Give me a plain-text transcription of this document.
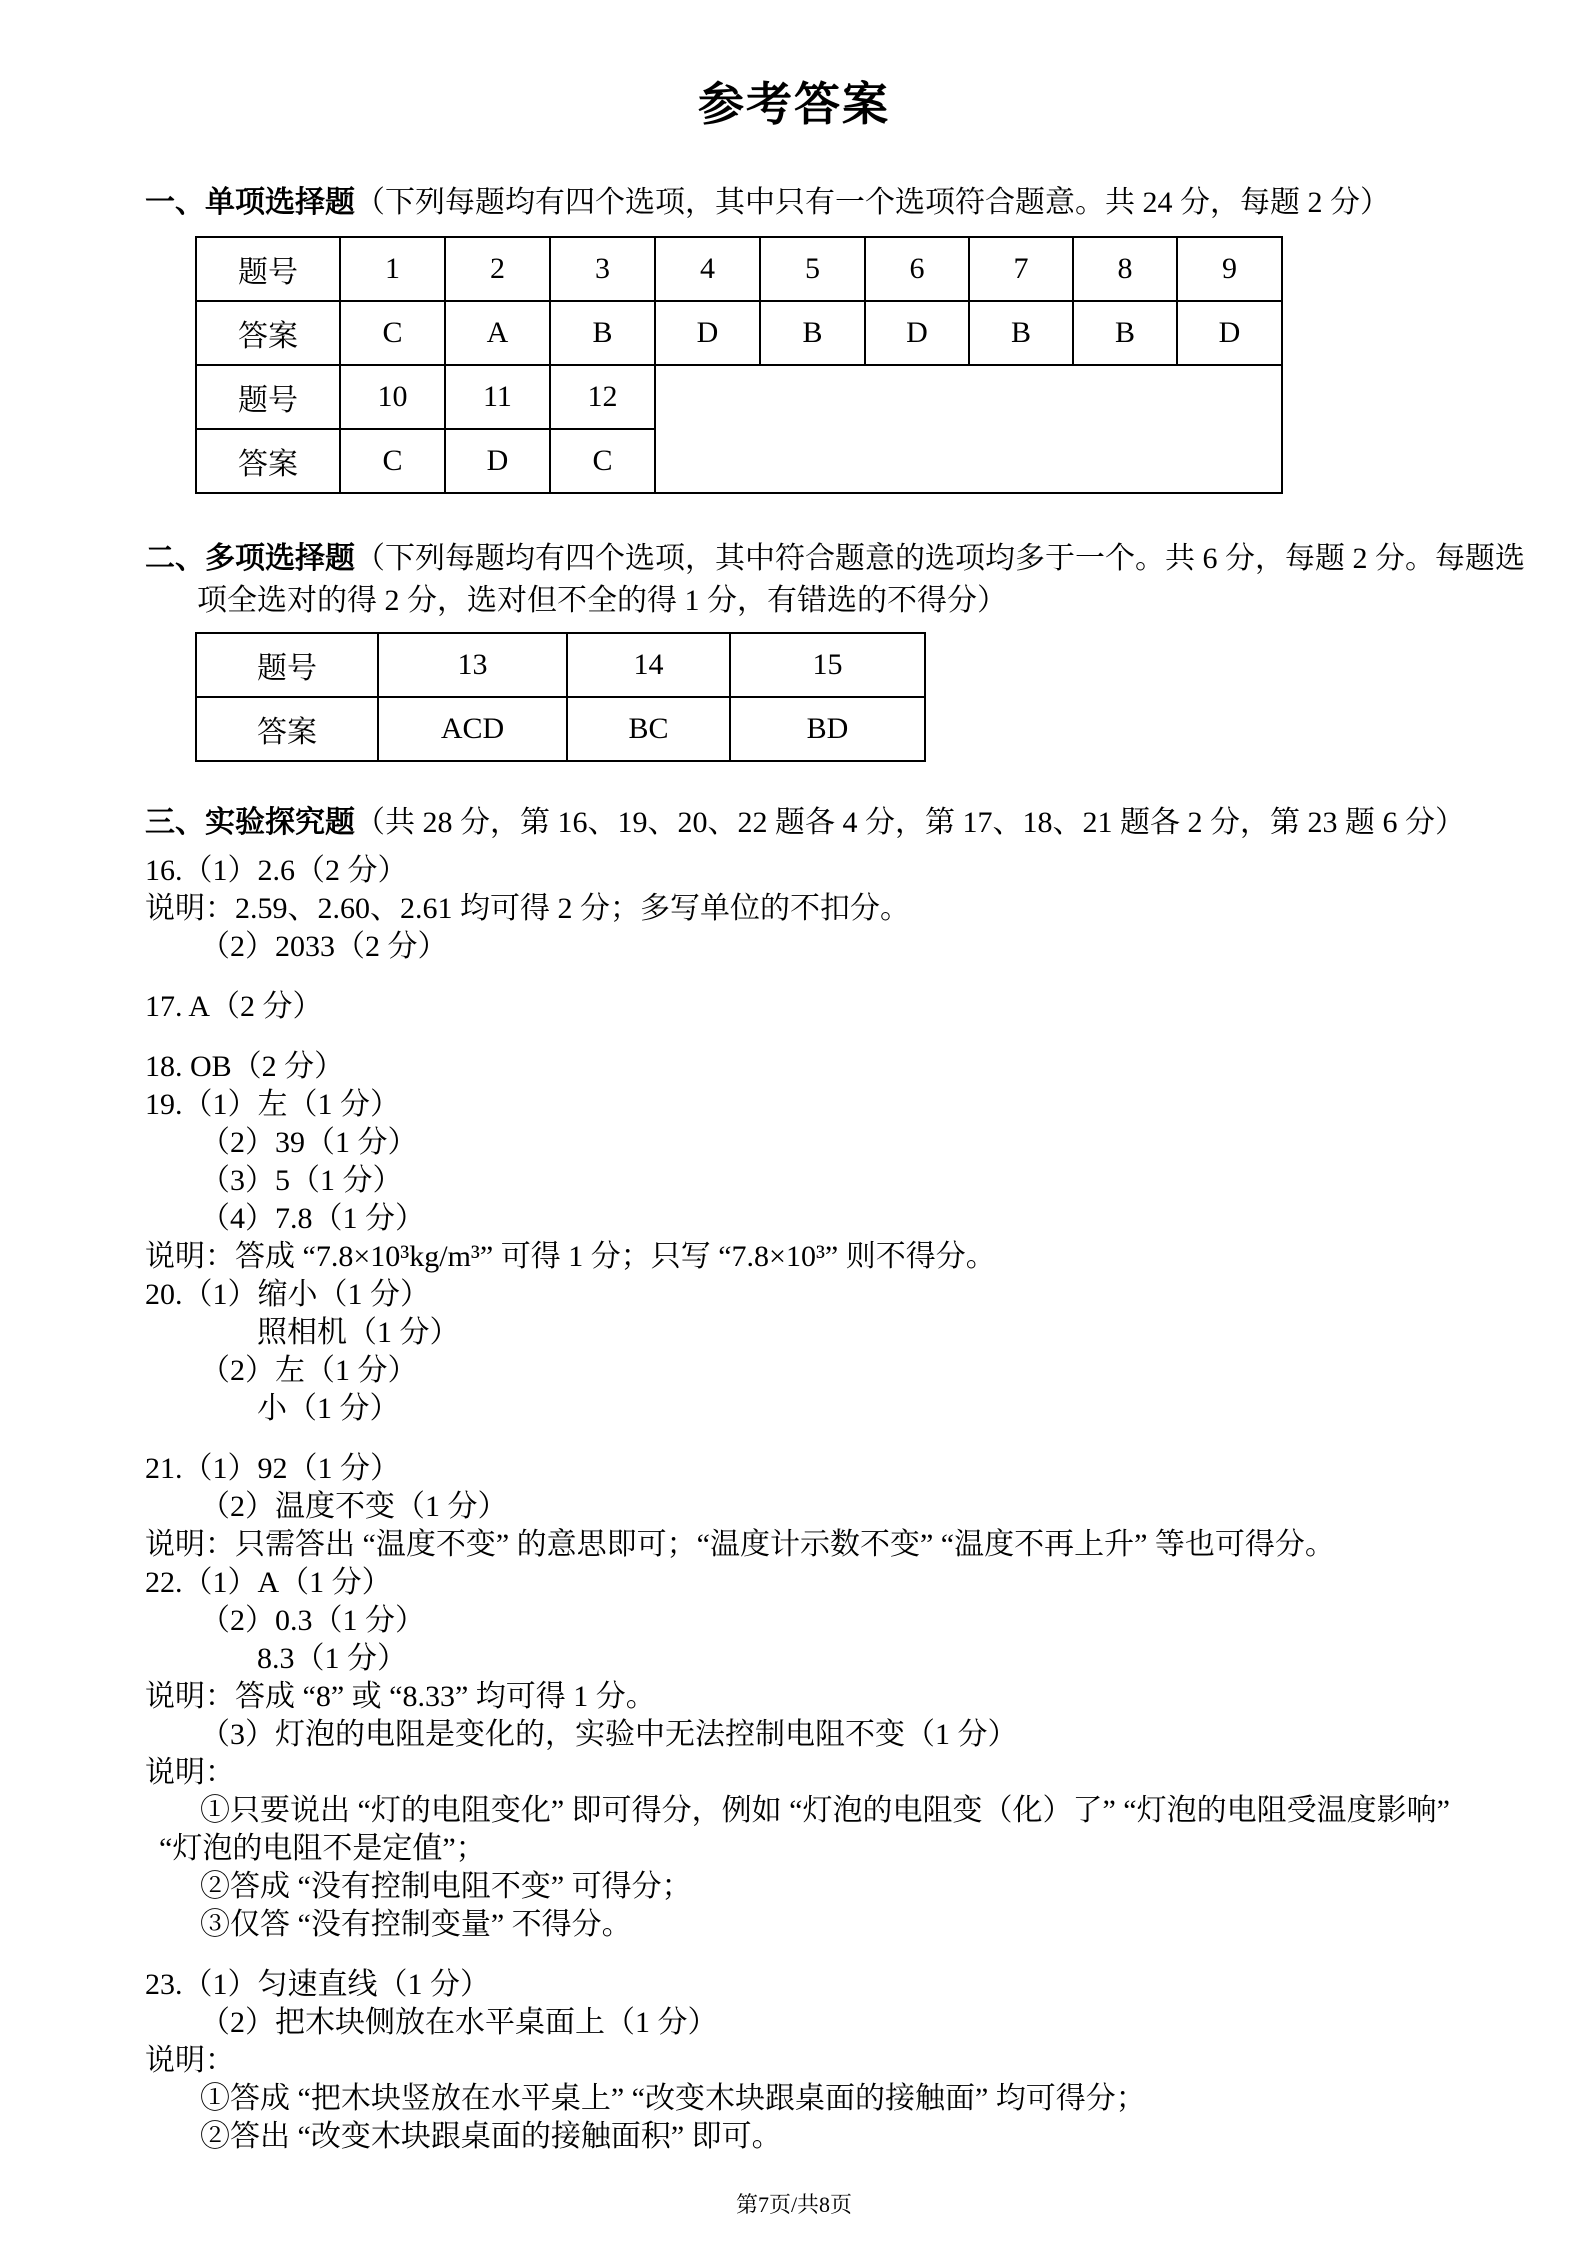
参考答案
一、单项选择题（下列每题均有四个选项，其中只有一个选项符合题意。共 24 分，每题 2 分）
题号	1	2	3	4	5	6	7	8	9
答案	C	A	B	D	B	D	B	B	D
题号	10	11	12						
答案	C	D	C						
二、多项选择题（下列每题均有四个选项，其中符合题意的选项均多于一个。共 6 分，每题 2 分。每题选
项全选对的得 2 分，选对但不全的得 1 分，有错选的不得分）
题号	13	14	15
答案	ACD	BC	BD
三、实验探究题（共 28 分，第 16、19、20、22 题各 4 分，第 17、18、21 题各 2 分，第 23 题 6 分）
16.（1）2.6（2 分）
说明：2.59、2.60、2.61 均可得 2 分；多写单位的不扣分。
（2）2033（2 分）
17. A（2 分）
18. OB（2 分）
19.（1）左（1 分）
（2）39（1 分）
（3）5（1 分）
（4）7.8（1 分）
说明：答成 “7.8×10³kg/m³” 可得 1 分；只写 “7.8×10³” 则不得分。
20.（1）缩小（1 分）
照相机（1 分）
（2）左（1 分）
小（1 分）
21.（1）92（1 分）
（2）温度不变（1 分）
说明：只需答出 “温度不变” 的意思即可；“温度计示数不变” “温度不再上升” 等也可得分。
22.（1）A（1 分）
（2）0.3（1 分）
8.3（1 分）
说明：答成 “8” 或 “8.33” 均可得 1 分。
（3）灯泡的电阻是变化的，实验中无法控制电阻不变（1 分）
说明：
①只要说出 “灯的电阻变化” 即可得分，例如 “灯泡的电阻变（化）了” “灯泡的电阻受温度影响”
“灯泡的电阻不是定值”；
②答成 “没有控制电阻不变” 可得分；
③仅答 “没有控制变量” 不得分。
23.（1）匀速直线（1 分）
（2）把木块侧放在水平桌面上（1 分）
说明：
①答成 “把木块竖放在水平桌上” “改变木块跟桌面的接触面” 均可得分；
②答出 “改变木块跟桌面的接触面积” 即可。
第7页/共8页
